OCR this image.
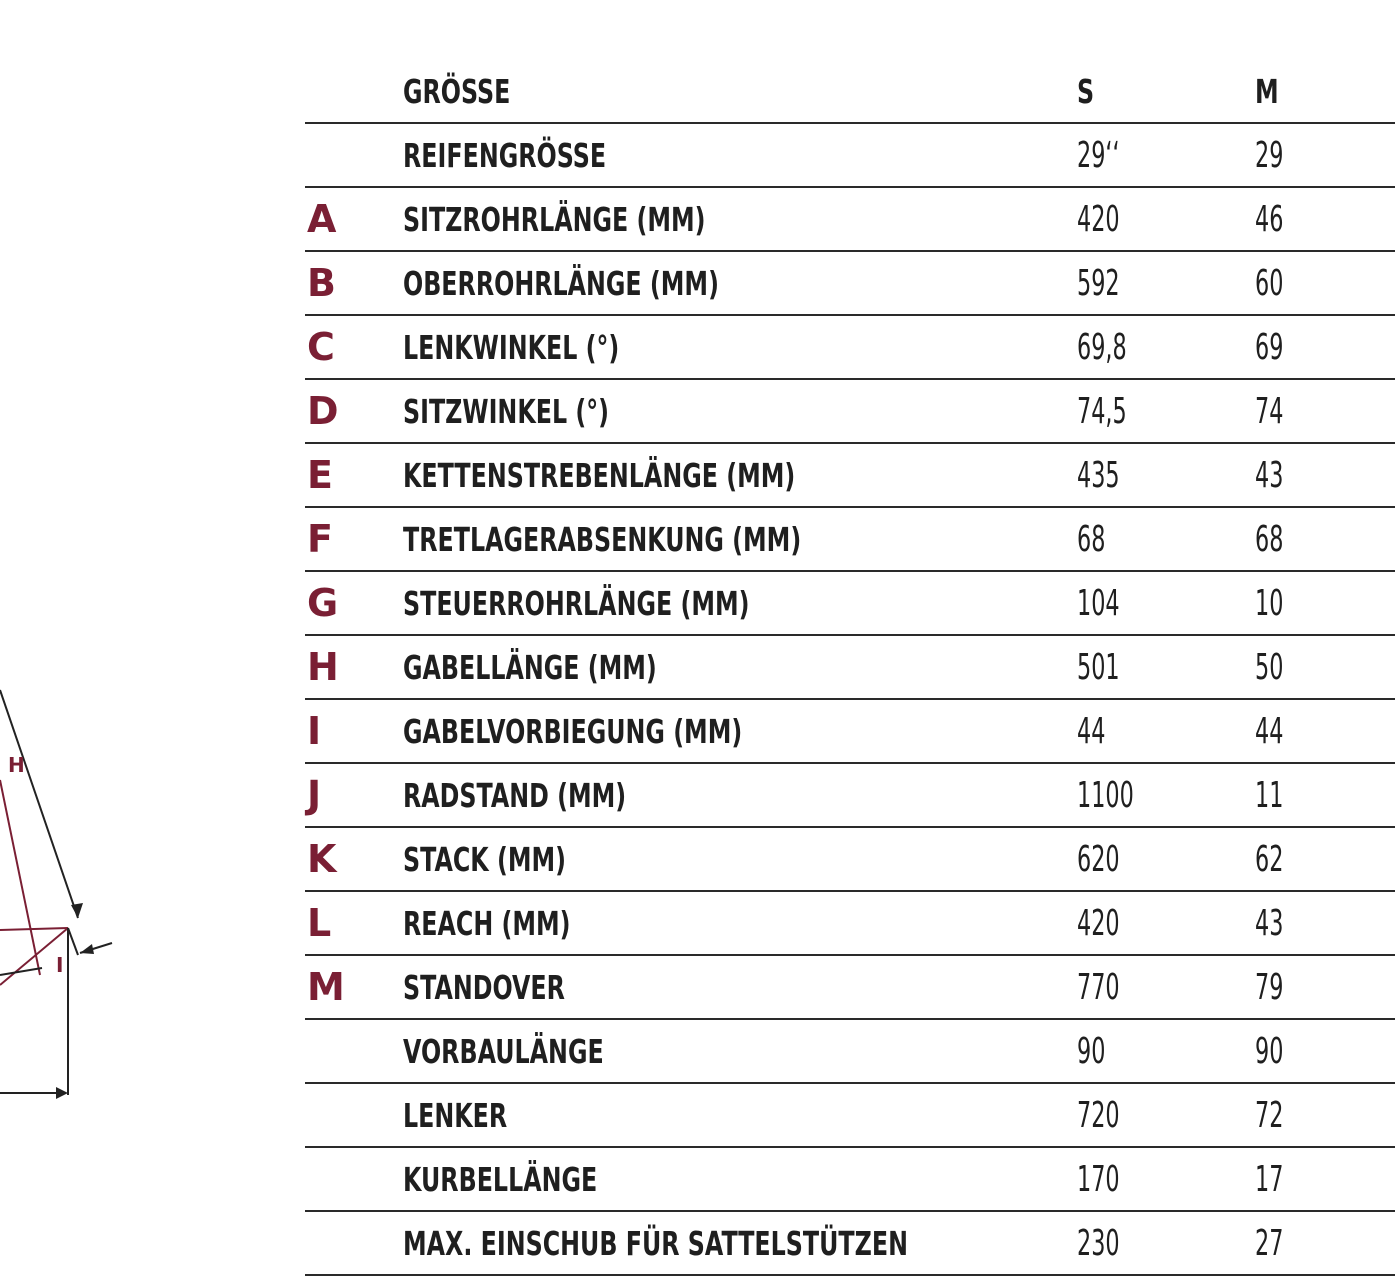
H
I
	GRÖSSE	S	M
	REIFENGRÖSSE	29‘‘	29
A	SITZROHRLÄNGE (MM)	420	46
B	OBERROHRLÄNGE (MM)	592	60
C	LENKWINKEL (°)	69,8	69
D	SITZWINKEL (°)	74,5	74
E	KETTENSTREBENLÄNGE (MM)	435	43
F	TRETLAGERABSENKUNG (MM)	68	68
G	STEUERROHRLÄNGE (MM)	104	10
H	GABELLÄNGE (MM)	501	50
I	GABELVORBIEGUNG (MM)	44	44
J	RADSTAND (MM)	1100	11
K	STACK (MM)	620	62
L	REACH (MM)	420	43
M	STANDOVER	770	79
	VORBAULÄNGE	90	90
	LENKER	720	72
	KURBELLÄNGE	170	17
	MAX. EINSCHUB FÜR SATTELSTÜTZEN	230	27
